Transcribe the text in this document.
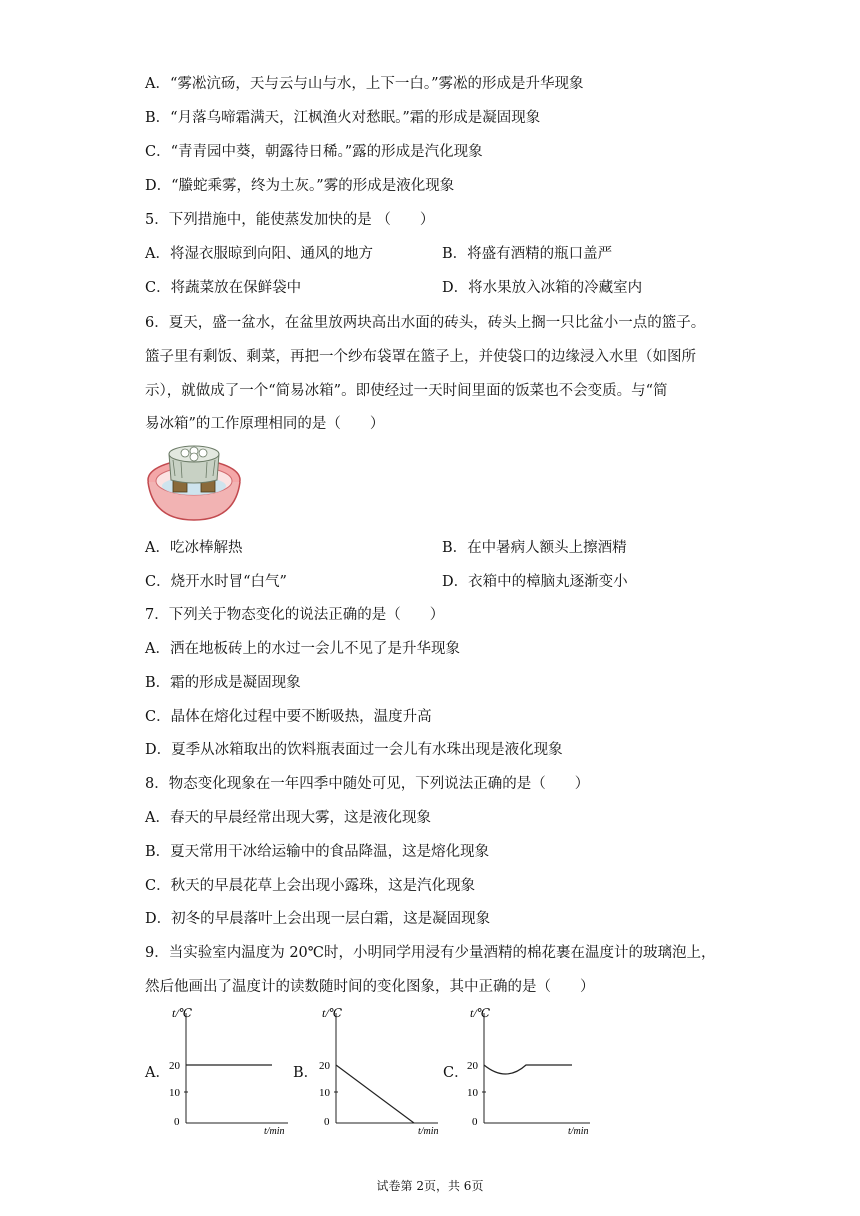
A．“雾凇沆砀，天与云与山与水，上下一白。”雾凇的形成是升华现象
B．“月落乌啼霜满天，江枫渔火对愁眠。”霜的形成是凝固现象
C．“青青园中葵，朝露待日稀。”露的形成是汽化现象
D．“螣蛇乘雾，终为土灰。”雾的形成是液化现象
5．下列措施中，能使蒸发加快的是 （　　）
A．将湿衣服晾到向阳、通风的地方	B．将盛有酒精的瓶口盖严
C．将蔬菜放在保鲜袋中	D．将水果放入冰箱的冷藏室内
6．夏天，盛一盆水，在盆里放两块高出水面的砖头，砖头上搁一只比盆小一点的篮子。
篮子里有剩饭、剩菜，再把一个纱布袋罩在篮子上，并使袋口的边缘浸入水里（如图所
示），就做成了一个“简易冰箱”。即使经过一天时间里面的饭菜也不会变质。与“简
易冰箱”的工作原理相同的是（　　）
A．吃冰棒解热	B．在中暑病人额头上擦酒精
C．烧开水时冒“白气”	D．衣箱中的樟脑丸逐渐变小
7．下列关于物态变化的说法正确的是（　　）
A．洒在地板砖上的水过一会儿不见了是升华现象
B．霜的形成是凝固现象
C．晶体在熔化过程中要不断吸热，温度升高
D．夏季从冰箱取出的饮料瓶表面过一会儿有水珠出现是液化现象
8．物态变化现象在一年四季中随处可见，下列说法正确的是（　　）
A．春天的早晨经常出现大雾，这是液化现象
B．夏天常用干冰给运输中的食品降温，这是熔化现象
C．秋天的早晨花草上会出现小露珠，这是汽化现象
D．初冬的早晨落叶上会出现一层白霜，这是凝固现象
9．当实验室内温度为 20℃时，小明同学用浸有少量酒精的棉花裹在温度计的玻璃泡上，
然后他画出了温度计的读数随时间的变化图象，其中正确的是（　　）
A．	B．	C．
t/℃
t/min
20
10
0
t/℃
t/min
20
10
0
t/℃
t/min
20
10
0
试卷第 2页，共 6页
